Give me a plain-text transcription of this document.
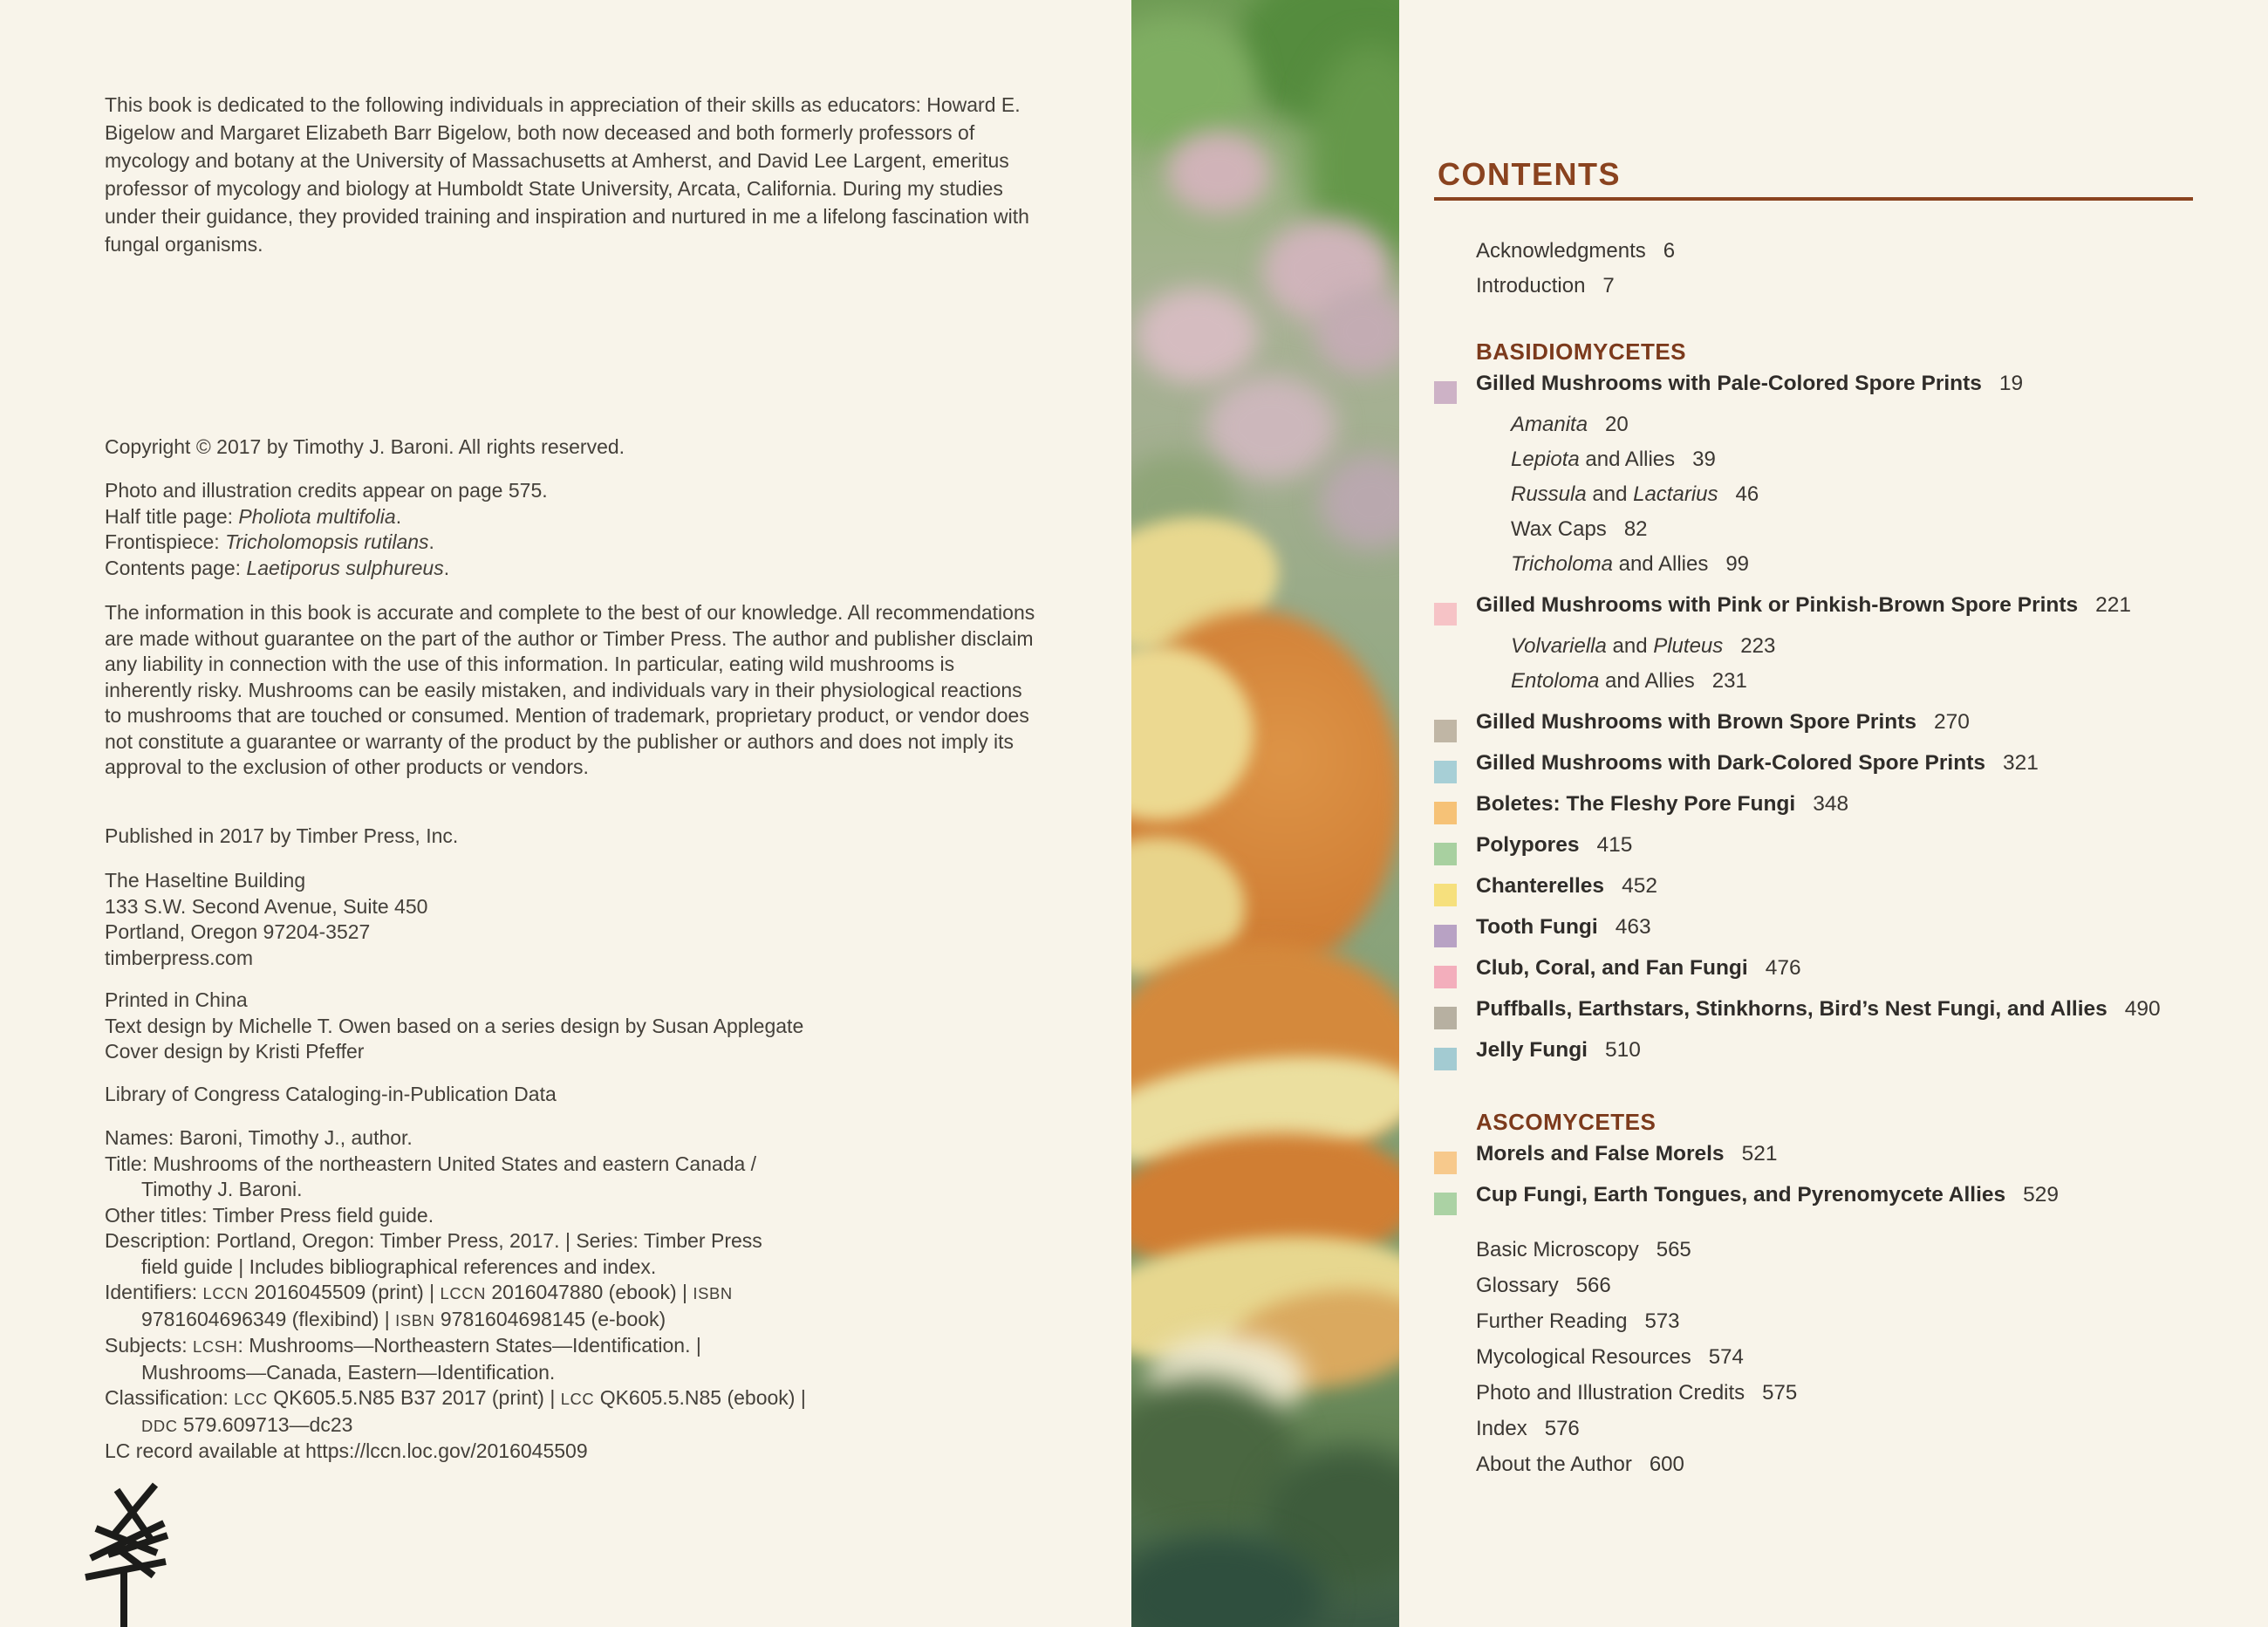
This book is dedicated to the following individuals in appreciation of their skills as educators: Howard E. Bigelow and Margaret Elizabeth Barr Bigelow, both now deceased and both formerly professors of mycology and botany at the University of Massachusetts at Amherst, and David Lee Largent, emeritus professor of mycology and biology at Humboldt State University, Arcata, California. During my studies under their guidance, they provided training and inspiration and nurtured in me a lifelong fascination with fungal organisms.

Copyright © 2017 by Timothy J. Baroni. All rights reserved.

Photo and illustration credits appear on page 575.
Half title page: Pholiota multifolia.
Frontispiece: Tricholomopsis rutilans.
Contents page: Laetiporus sulphureus.

The information in this book is accurate and complete to the best of our knowledge. All recommendations are made without guarantee on the part of the author or Timber Press. The author and publisher disclaim any liability in connection with the use of this information. In particular, eating wild mushrooms is inherently risky. Mushrooms can be easily mistaken, and individuals vary in their physiological reactions to mushrooms that are touched or consumed. Mention of trademark, proprietary product, or vendor does not constitute a guarantee or warranty of the product by the publisher or authors and does not imply its approval to the exclusion of other products or vendors.

Published in 2017 by Timber Press, Inc.

The Haseltine Building
133 S.W. Second Avenue, Suite 450
Portland, Oregon 97204-3527
timberpress.com
Printed in China
Text design by Michelle T. Owen based on a series design by Susan Applegate
Cover design by Kristi Pfeffer

Library of Congress Cataloging-in-Publication Data

Names: Baroni, Timothy J., author.
Title: Mushrooms of the northeastern United States and eastern Canada /
Timothy J. Baroni.
Other titles: Timber Press field guide.
Description: Portland, Oregon: Timber Press, 2017. | Series: Timber Press
field guide | Includes bibliographical references and index.
Identifiers: LCCN 2016045509 (print) | LCCN 2016047880 (ebook) | ISBN
9781604696349 (flexibind) | ISBN 9781604698145 (e-book)
Subjects: LCSH: Mushrooms—Northeastern States—Identification. |
Mushrooms—Canada, Eastern—Identification.
Classification: LCC QK605.5.N85 B37 2017 (print) | LCC QK605.5.N85 (ebook) |
DDC 579.609713—dc23
LC record available at https://lccn.loc.gov/2016045509
CONTENTS
Acknowledgments 6
Introduction 7
BASIDIOMYCETES
Gilled Mushrooms with Pale-Colored Spore Prints 19
Amanita 20
Lepiota and Allies 39
Russula and Lactarius 46
Wax Caps 82
Tricholoma and Allies 99
Gilled Mushrooms with Pink or Pinkish-Brown Spore Prints 221
Volvariella and Pluteus 223
Entoloma and Allies 231
Gilled Mushrooms with Brown Spore Prints 270
Gilled Mushrooms with Dark-Colored Spore Prints 321
Boletes: The Fleshy Pore Fungi 348
Polypores 415
Chanterelles 452
Tooth Fungi 463
Club, Coral, and Fan Fungi 476
Puffballs, Earthstars, Stinkhorns, Bird’s Nest Fungi, and Allies 490
Jelly Fungi 510
ASCOMYCETES
Morels and False Morels 521
Cup Fungi, Earth Tongues, and Pyrenomycete Allies 529
Basic Microscopy 565
Glossary 566
Further Reading 573
Mycological Resources 574
Photo and Illustration Credits 575
Index 576
About the Author 600
